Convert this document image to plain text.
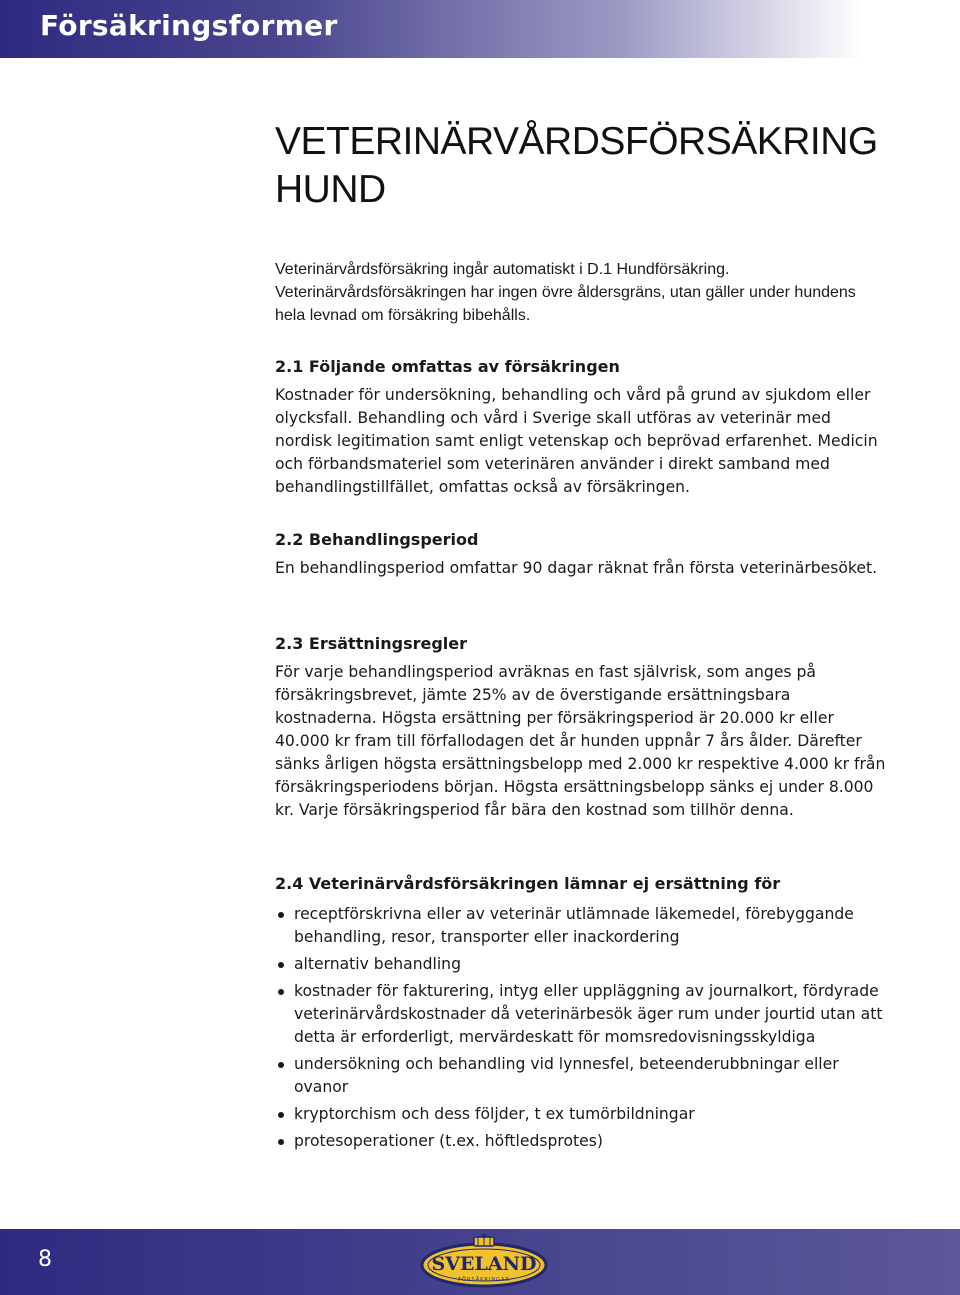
Försäkringsformer
VETERINÄRVÅRDSFÖRSÄKRING
HUND

Veterinärvårdsförsäkring ingår automatiskt i D.1 Hundförsäkring. Veterinärvårdsförsäkringen har ingen övre åldersgräns, utan gäller under hundens hela levnad om försäkring bibehålls.

2.1 Följande omfattas av försäkringen

Kostnader för undersökning, behandling och vård på grund av sjukdom eller olycksfall. Behandling och vård i Sverige skall utföras av veterinär med nordisk legitimation samt enligt vetenskap och beprövad erfarenhet. Medicin och förbandsmateriel som veterinären använder i direkt samband med behandlingstillfället, omfattas också av försäkringen.

2.2 Behandlingsperiod

En behandlingsperiod omfattar 90 dagar räknat från första veterinärbesöket.

2.3 Ersättningsregler

För varje behandlingsperiod avräknas en fast självrisk, som anges på försäkringsbrevet, jämte 25% av de överstigande ersättningsbara kostnaderna. Högsta ersättning per försäkringsperiod är 20.000 kr eller 40.000 kr fram till förfallodagen det år hunden uppnår 7 års ålder. Därefter sänks årligen högsta ersättningsbelopp med 2.000 kr respektive 4.000 kr från försäkringsperiodens början. Högsta ersättningsbelopp sänks ej under 8.000 kr. Varje försäkringsperiod får bära den kostnad som tillhör denna.

2.4 Veterinärvårdsförsäkringen lämnar ej ersättning för
receptförskrivna eller av veterinär utlämnade läkemedel, förebyggande behandling, resor, transporter eller inackordering
alternativ behandling
kostnader för fakturering, intyg eller uppläggning av journalkort, fördyrade veterinärvårdskostnader då veterinärbesök äger rum under jourtid utan att detta är erforderligt, mervärdeskatt för momsredovisningsskyldiga
undersökning och behandling vid lynnesfel, beteenderubbningar eller ovanor
kryptorchism och dess följder, t ex tumörbildningar
protesoperationer (t.ex. höftledsprotes)
8	SVELAND
FÖRSÄKRINGAR
